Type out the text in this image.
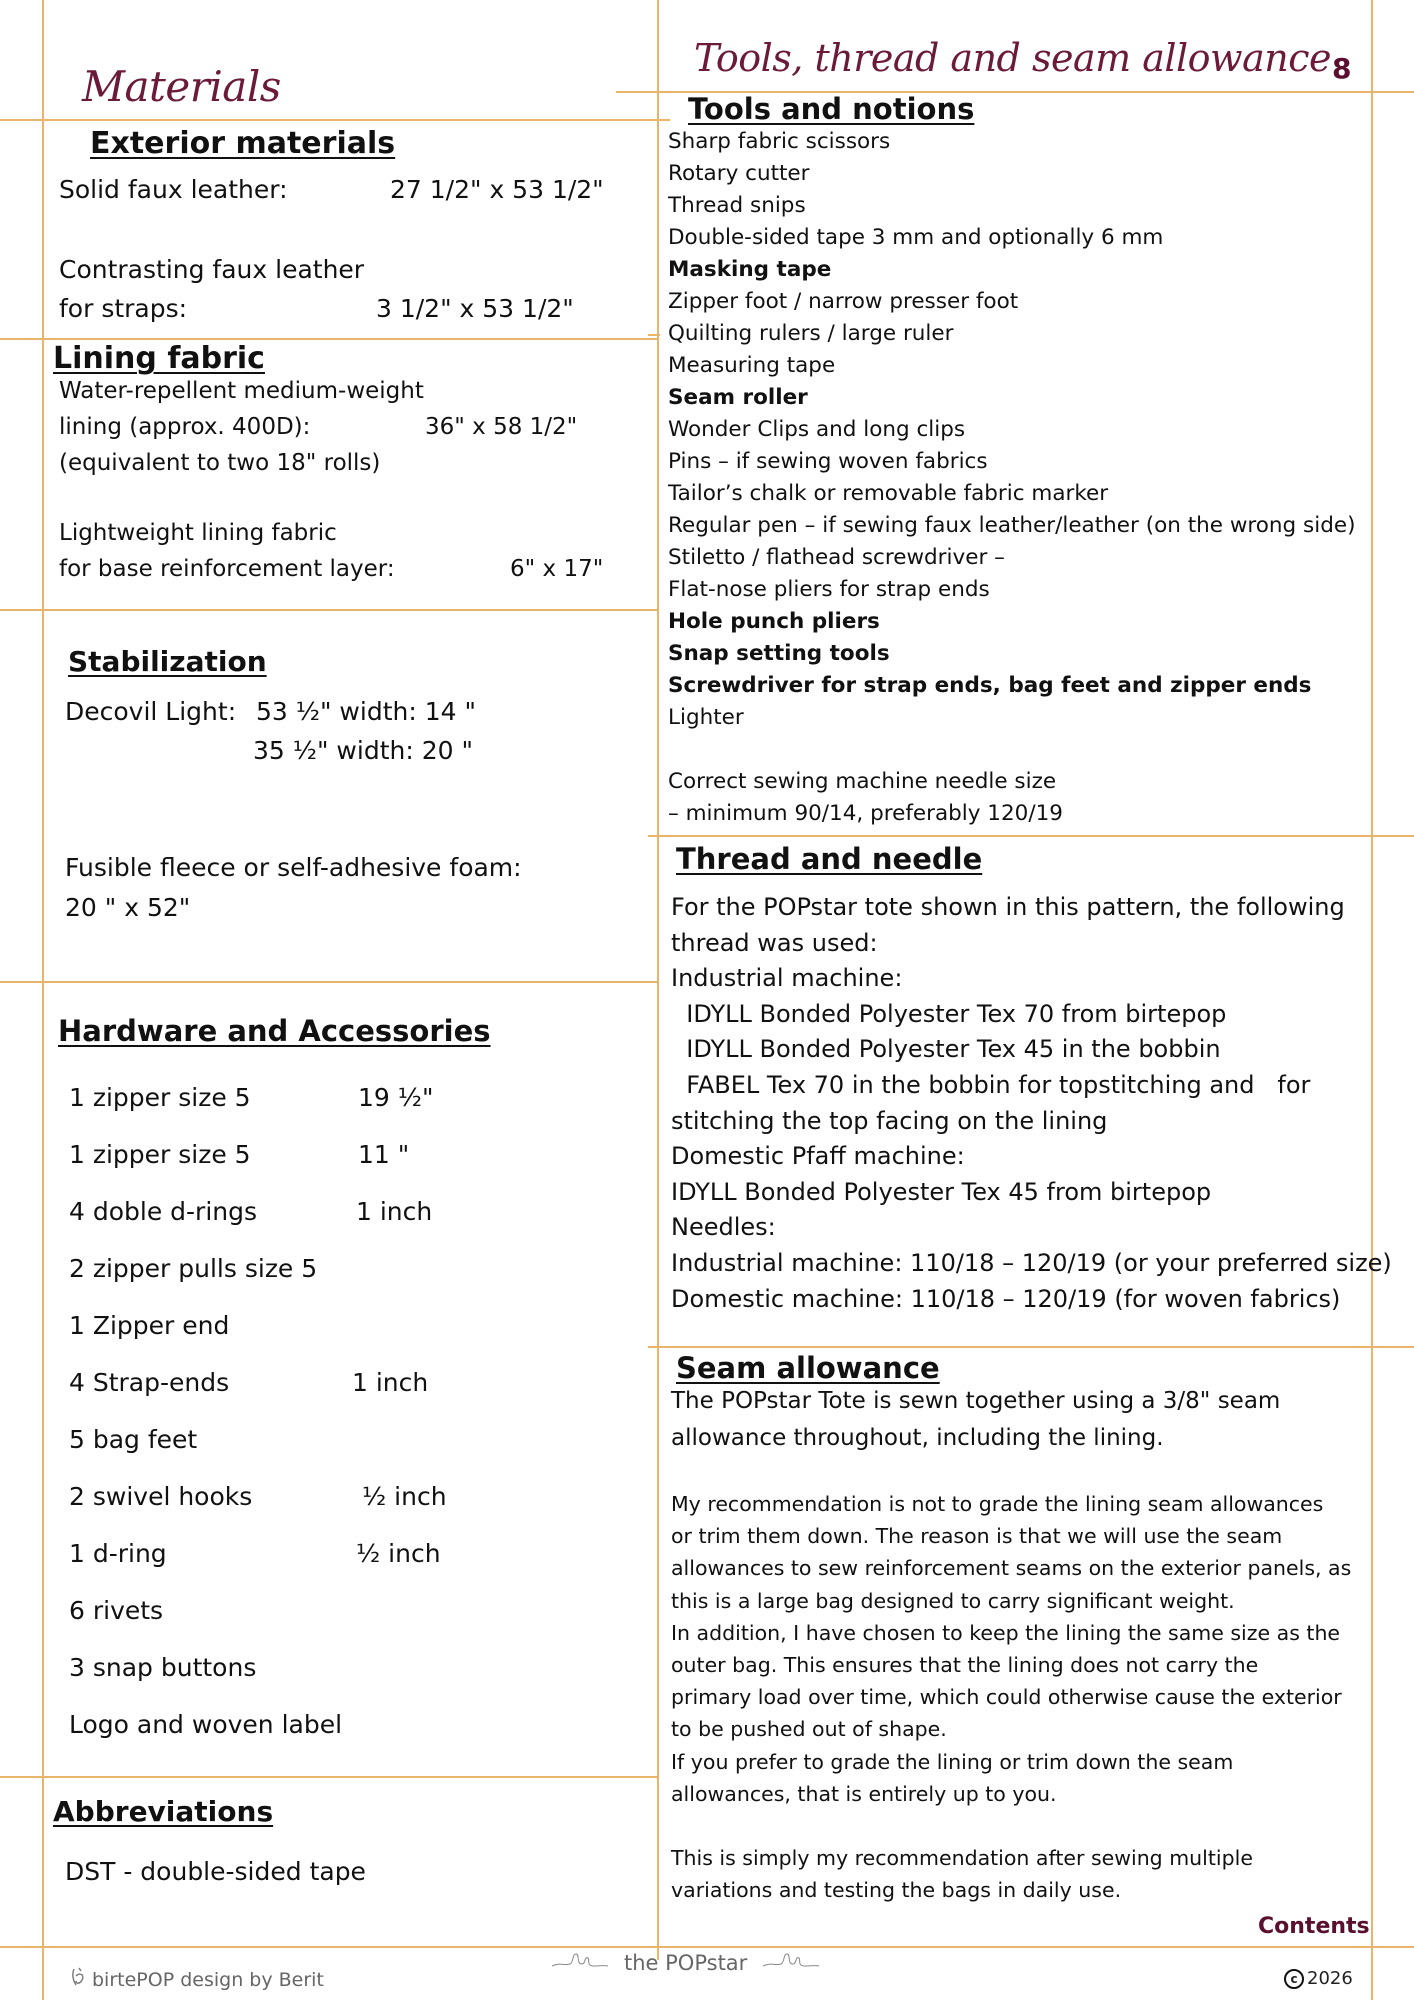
Materials
Exterior materials
Solid faux leather:	27 1/2" x 53 1/2"
Contrasting faux leather
for straps:	3 1/2" x 53 1/2"
Lining fabric
Water-repellent medium-weight
lining (approx. 400D):	36" x 58 1/2"
(equivalent to two 18" rolls)
Lightweight lining fabric
for base reinforcement layer:	6" x 17"
Stabilization
Decovil Light: 53 ½" width: 14 "
35 ½" width: 20 "
Fusible fleece or self-adhesive foam:
20 " x 52"
Hardware and Accessories
1 zipper size 5	19 ½"
1 zipper size 5	11 "
4 doble d-rings	1 inch
2 zipper pulls size 5
1 Zipper end
4 Strap-ends	1 inch
5 bag feet
2 swivel hooks	½ inch
1 d-ring	½ inch
6 rivets
3 snap buttons
Logo and woven label
Abbreviations
DST - double-sided tape
Tools, thread and seam allowance 8
Tools and notions
Sharp fabric scissors
Rotary cutter
Thread snips
Double-sided tape 3 mm and optionally 6 mm
Masking tape
Zipper foot / narrow presser foot
Quilting rulers / large ruler
Measuring tape
Seam roller
Wonder Clips and long clips
Pins – if sewing woven fabrics
Tailor’s chalk or removable fabric marker
Regular pen – if sewing faux leather/leather (on the wrong side)
Stiletto / flathead screwdriver –
Flat-nose pliers for strap ends
Hole punch pliers
Snap setting tools
Screwdriver for strap ends, bag feet and zipper ends
Lighter
Correct sewing machine needle size
– minimum 90/14, preferably 120/19
Thread and needle
For the POPstar tote shown in this pattern, the following
thread was used:
Industrial machine:
IDYLL Bonded Polyester Tex 70 from birtepop
IDYLL Bonded Polyester Tex 45 in the bobbin
FABEL Tex 70 in the bobbin for topstitching and   for
stitching the top facing on the lining
Domestic Pfaff machine:
IDYLL Bonded Polyester Tex 45 from birtepop
Needles:
Industrial machine: 110/18 – 120/19 (or your preferred size)
Domestic machine: 110/18 – 120/19 (for woven fabrics)
Seam allowance
The POPstar Tote is sewn together using a 3/8" seam
allowance throughout, including the lining.
My recommendation is not to grade the lining seam allowances
or trim them down. The reason is that we will use the seam
allowances to sew reinforcement seams on the exterior panels, as
this is a large bag designed to carry significant weight.
In addition, I have chosen to keep the lining the same size as the
outer bag. This ensures that the lining does not carry the
primary load over time, which could otherwise cause the exterior
to be pushed out of shape.
If you prefer to grade the lining or trim down the seam
allowances, that is entirely up to you.
This is simply my recommendation after sewing multiple
variations and testing the bags in daily use.
Contents
birtePOP design by Berit
the POPstar
c 2026
